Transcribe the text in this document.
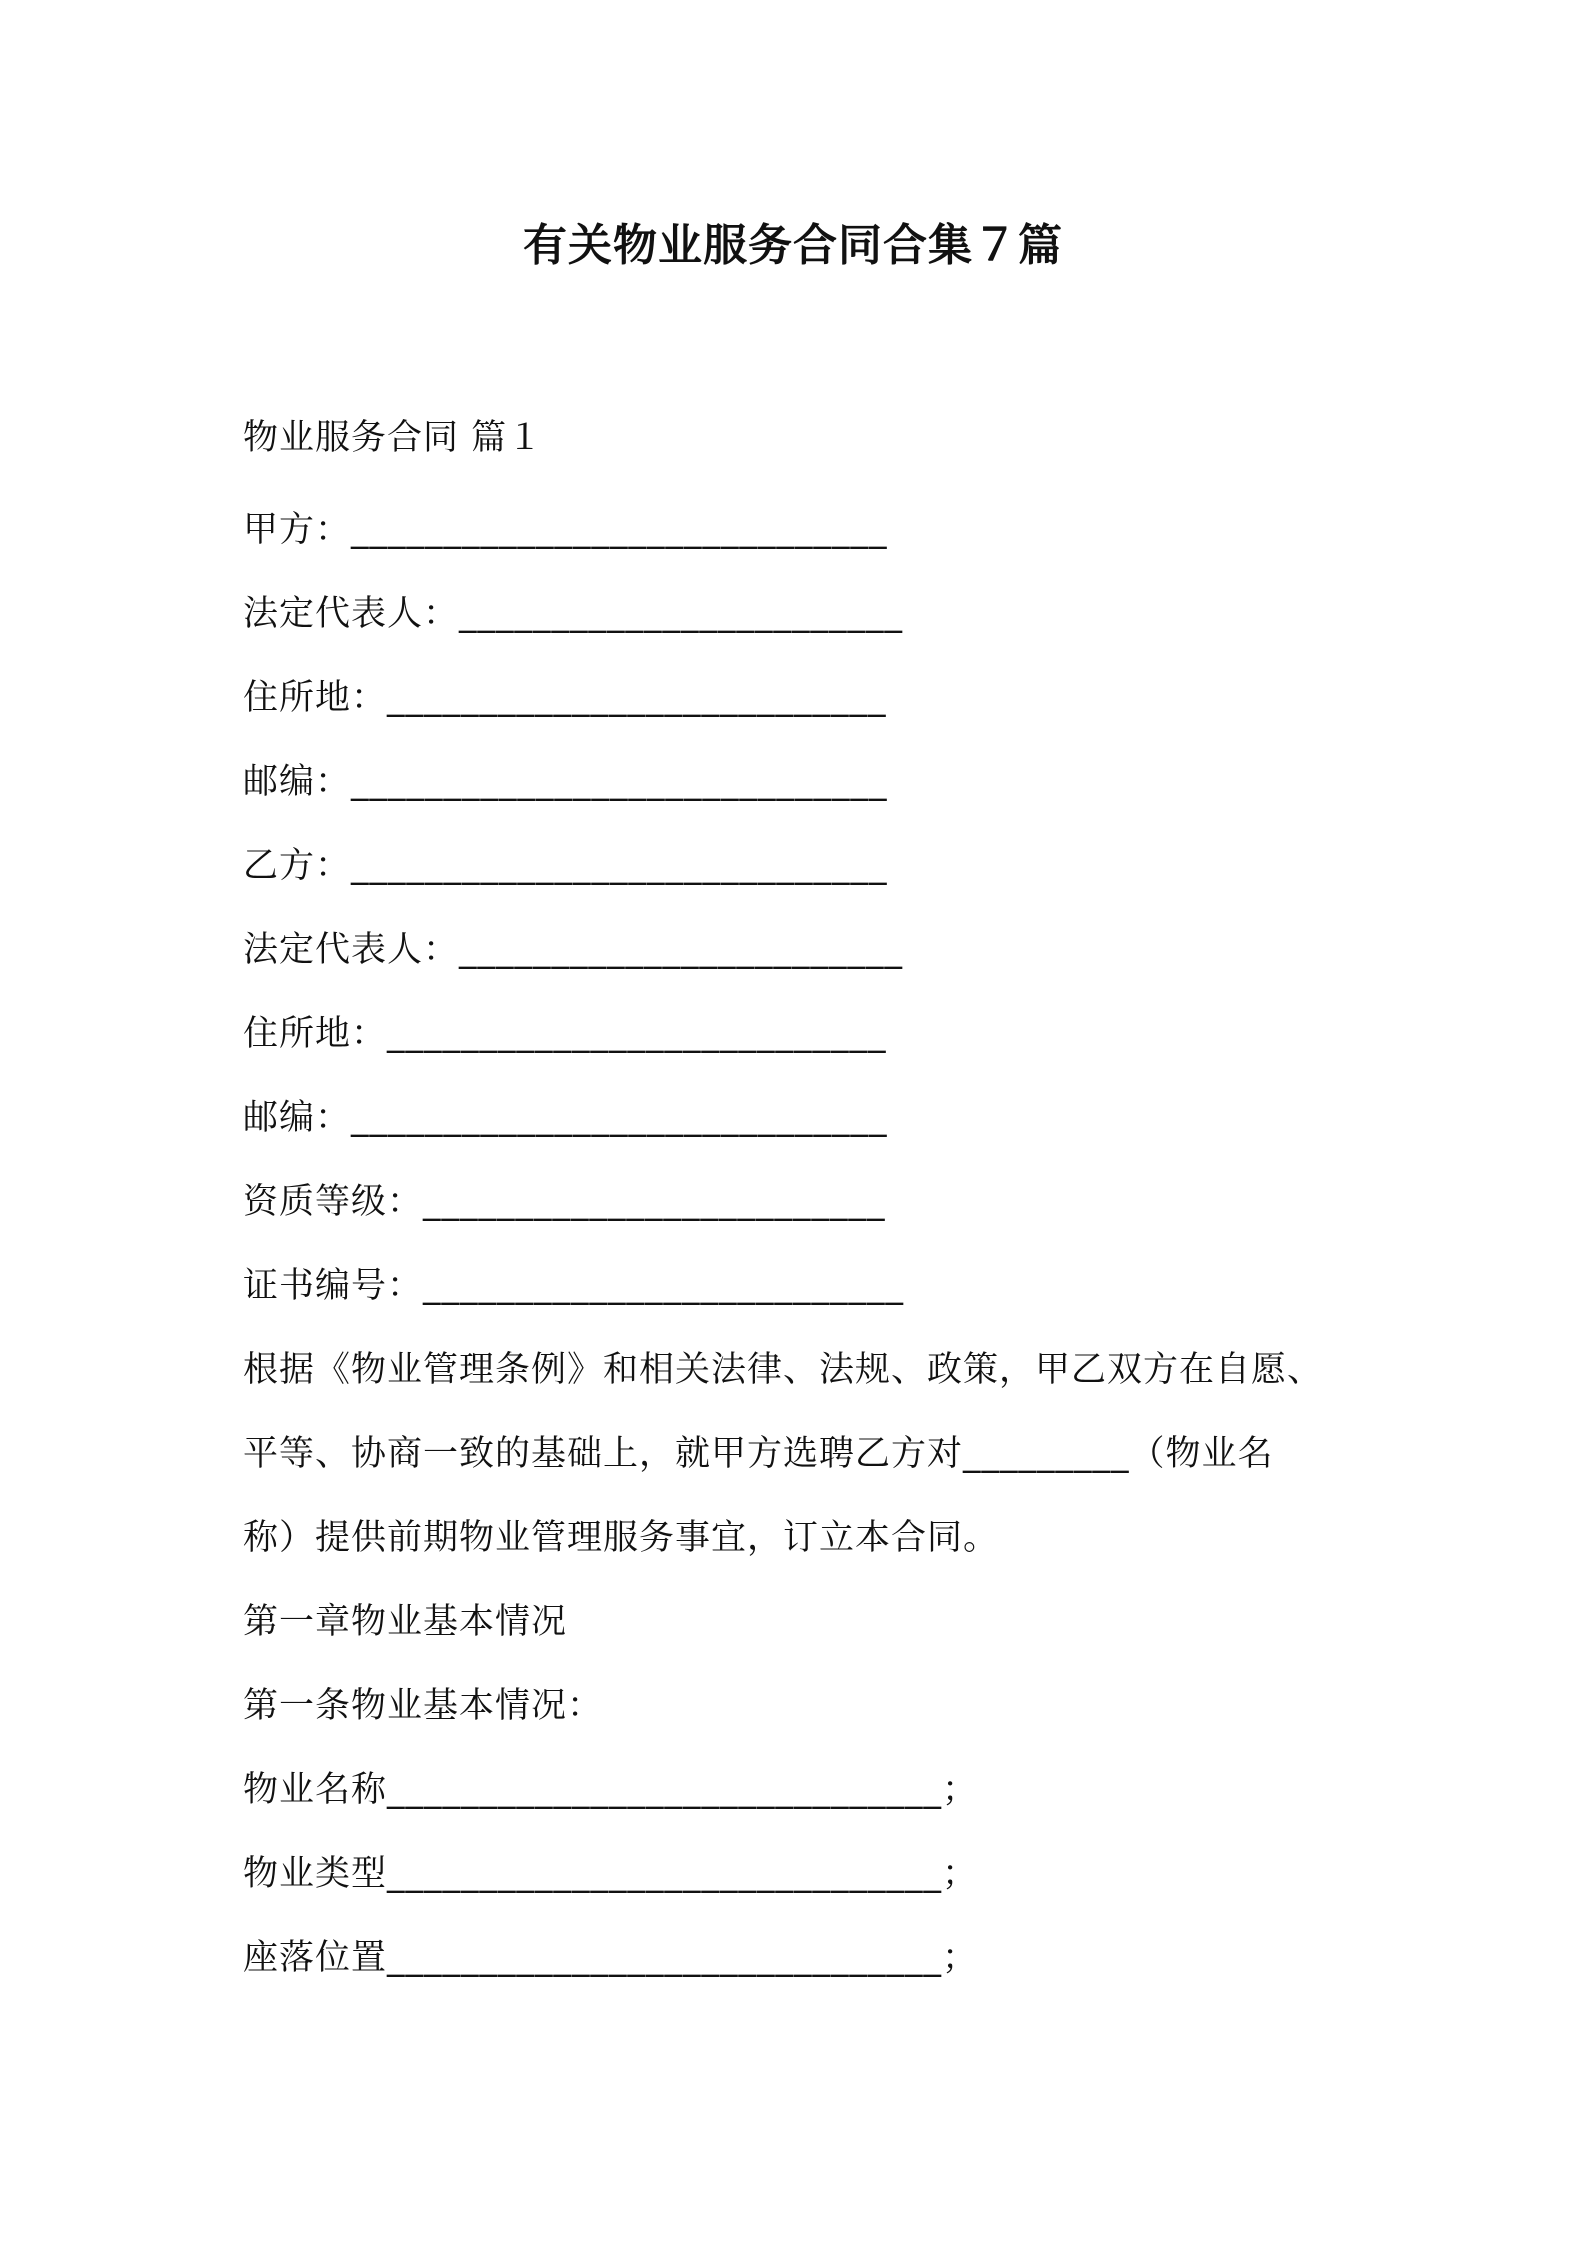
有关物业服务合同合集７篇
物业服务合同 篇１
甲方：_____________________________
法定代表人：________________________
住所地：___________________________
邮编：_____________________________
乙方：_____________________________
法定代表人：________________________
住所地：___________________________
邮编：_____________________________
资质等级：_________________________
证书编号：__________________________
根据《物业管理条例》和相关法律、法规、政策，甲乙双方在自愿、
平等、协商一致的基础上，就甲方选聘乙方对_________（物业名
称）提供前期物业管理服务事宜，订立本合同。
第一章物业基本情况
第一条物业基本情况：
物业名称______________________________；
物业类型______________________________；
座落位置______________________________；
